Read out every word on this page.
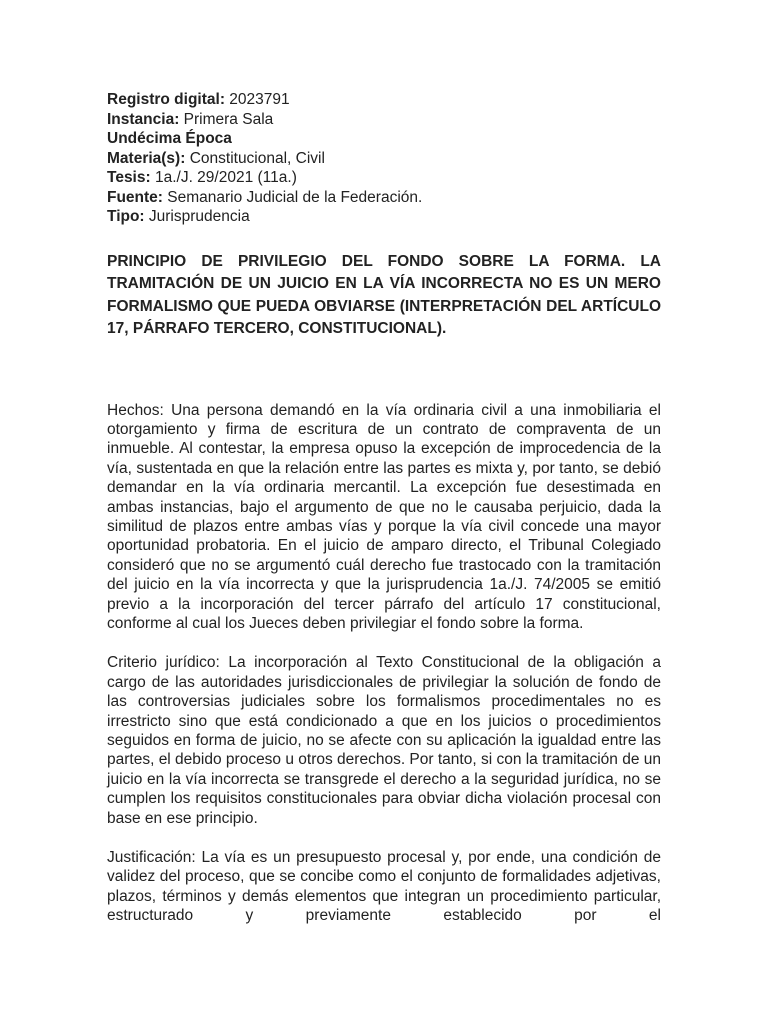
Registro digital: 2023791
Instancia: Primera Sala
Undécima Época
Materia(s): Constitucional, Civil
Tesis: 1a./J. 29/2021 (11a.)
Fuente: Semanario Judicial de la Federación.
Tipo: Jurisprudencia
PRINCIPIO DE PRIVILEGIO DEL FONDO SOBRE LA FORMA. LA TRAMITACIÓN DE UN JUICIO EN LA VÍA INCORRECTA NO ES UN MERO FORMALISMO QUE PUEDA OBVIARSE (INTERPRETACIÓN DEL ARTÍCULO 17, PÁRRAFO TERCERO, CONSTITUCIONAL).

Hechos: Una persona demandó en la vía ordinaria civil a una inmobiliaria el otorgamiento y firma de escritura de un contrato de compraventa de un inmueble. Al contestar, la empresa opuso la excepción de improcedencia de la vía, sustentada en que la relación entre las partes es mixta y, por tanto, se debió demandar en la vía ordinaria mercantil. La excepción fue desestimada en ambas instancias, bajo el argumento de que no le causaba perjuicio, dada la similitud de plazos entre ambas vías y porque la vía civil concede una mayor oportunidad probatoria. En el juicio de amparo directo, el Tribunal Colegiado consideró que no se argumentó cuál derecho fue trastocado con la tramitación del juicio en la vía incorrecta y que la jurisprudencia 1a./J. 74/2005 se emitió previo a la incorporación del tercer párrafo del artículo 17 constitucional, conforme al cual los Jueces deben privilegiar el fondo sobre la forma.

Criterio jurídico: La incorporación al Texto Constitucional de la obligación a cargo de las autoridades jurisdiccionales de privilegiar la solución de fondo de las controversias judiciales sobre los formalismos procedimentales no es irrestricto sino que está condicionado a que en los juicios o procedimientos seguidos en forma de juicio, no se afecte con su aplicación la igualdad entre las partes, el debido proceso u otros derechos. Por tanto, si con la tramitación de un juicio en la vía incorrecta se transgrede el derecho a la seguridad jurídica, no se cumplen los requisitos constitucionales para obviar dicha violación procesal con base en ese principio.

Justificación: La vía es un presupuesto procesal y, por ende, una condición de validez del proceso, que se concibe como el conjunto de formalidades adjetivas, plazos, términos y demás elementos que integran un procedimiento particular, estructurado y previamente establecido por el
